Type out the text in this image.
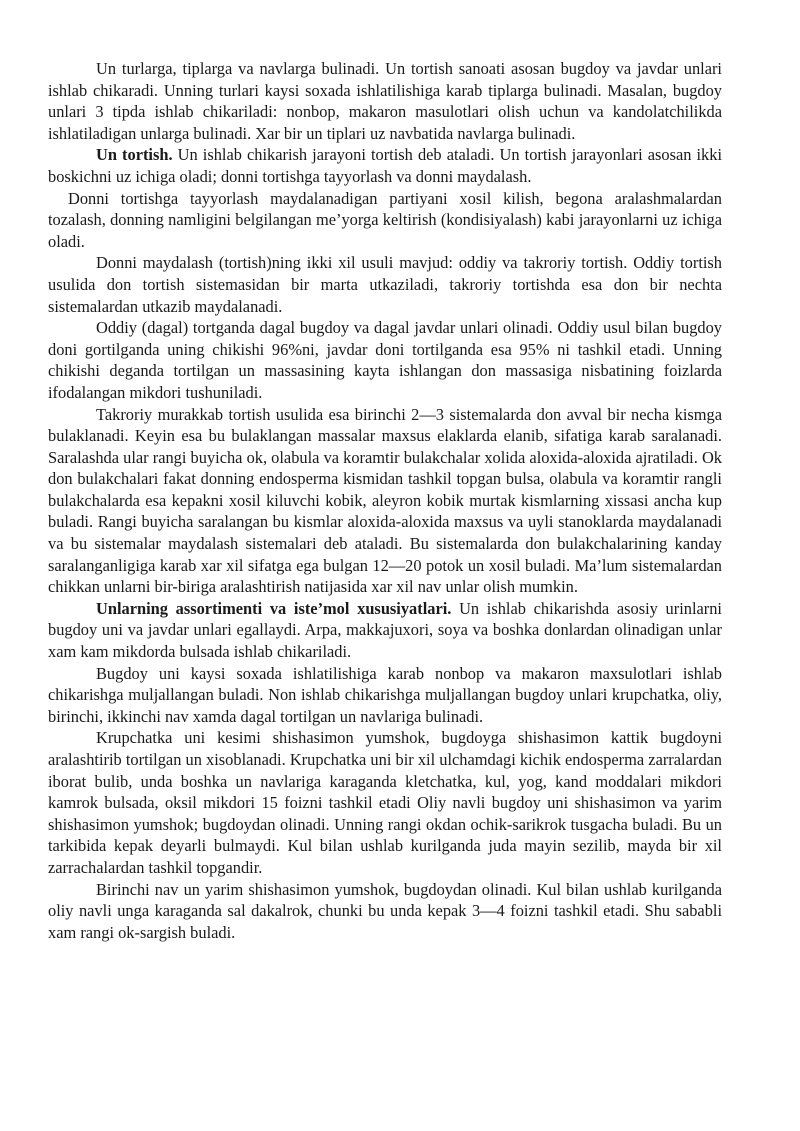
Un turlarga, tiplarga va navlarga bulinadi. Un tortish sanoati asosan bugdoy va javdar unlari ishlab chikaradi. Unning turlari kaysi soxada ishlatilishiga karab tiplarga bulinadi. Masalan, bugdoy unlari 3 tipda ishlab chikariladi: nonbop, makaron masulotlari olish uchun va kandolatchilikda ishlatiladigan unlarga bulinadi. Xar bir un tiplari uz navbatida navlarga bulinadi.

Un tortish. Un ishlab chikarish jarayoni tortish deb ataladi. Un tortish jarayonlari asosan ikki boskichni uz ichiga oladi; donni tortishga tayyorlash va donni maydalash.

Donni tortishga tayyorlash maydalanadigan partiyani xosil kilish, begona aralashmalardan tozalash, donning namligini belgilangan me’yorga keltirish (kondisiyalash) kabi jarayonlarni uz ichiga oladi.

Donni maydalash (tortish)ning ikki xil usuli mavjud: oddiy va takroriy tortish. Oddiy tortish usulida don tortish sistemasidan bir marta utkaziladi, takroriy tortishda esa don bir nechta sistemalardan utkazib maydalanadi.

Oddiy (dagal) tortganda dagal bugdoy va dagal javdar unlari olinadi. Oddiy usul bilan bugdoy doni gortilganda uning chikishi 96%ni, javdar doni tortilganda esa 95% ni tashkil etadi. Unning chikishi deganda tortilgan un massasining kayta ishlangan don massasiga nisbatining foizlarda ifodalangan mikdori tushuniladi.

Takroriy murakkab tortish usulida esa birinchi 2—3 sistemalarda don avval bir necha kismga bulaklanadi. Keyin esa bu bulaklangan massalar maxsus elaklarda elanib, sifatiga karab saralanadi. Saralashda ular rangi buyicha ok, olabula va koramtir bulakchalar xolida aloxida-aloxida ajratiladi. Ok don bulakchalari fakat donning endosperma kismidan tashkil topgan bulsa, olabula va koramtir rangli bulakchalarda esa kepakni xosil kiluvchi kobik, aleyron kobik murtak kismlarning xissasi ancha kup buladi. Rangi buyicha saralangan bu kismlar aloxida-aloxida maxsus va uyli stanoklarda maydalanadi va bu sistemalar maydalash sistemalari deb ataladi. Bu sistemalarda don bulakchalarining kanday saralanganligiga karab xar xil sifatga ega bulgan 12—20 potok un xosil buladi. Ma’lum sistemalardan chikkan unlarni bir-biriga aralashtirish natijasida xar xil nav unlar olish mumkin.

Unlarning assortimenti va iste’mol xususiyatlari. Un ishlab chikarishda asosiy urinlarni bugdoy uni va javdar unlari egallaydi. Arpa, makkajuxori, soya va boshka donlardan olinadigan unlar xam kam mikdorda bulsada ishlab chikariladi.

Bugdoy uni kaysi soxada ishlatilishiga karab nonbop va makaron maxsulotlari ishlab chikarishga muljallangan buladi. Non ishlab chikarishga muljallangan bugdoy unlari krupchatka, oliy, birinchi, ikkinchi nav xamda dagal tortilgan un navlariga bulinadi.

Krupchatka uni kesimi shishasimon yumshok, bugdoyga shishasimon kattik bugdoyni aralashtirib tortilgan un xisoblanadi. Krupchatka uni bir xil ulchamdagi kichik endosperma zarralardan iborat bulib, unda boshka un navlariga karaganda kletchatka, kul, yog, kand moddalari mikdori kamrok bulsada, oksil mikdori 15 foizni tashkil etadi Oliy navli bugdoy uni shishasimon va yarim shishasimon yumshok; bugdoydan olinadi. Unning rangi okdan ochik-sarikrok tusgacha buladi. Bu un tarkibida kepak deyarli bulmaydi. Kul bilan ushlab kurilganda juda mayin sezilib, mayda bir xil zarrachalardan tashkil topgandir.

Birinchi nav un yarim shishasimon yumshok, bugdoydan olinadi. Kul bilan ushlab kurilganda oliy navli unga karaganda sal dakalrok, chunki bu unda kepak 3—4 foizni tashkil etadi. Shu sababli xam rangi ok-sargish buladi.
